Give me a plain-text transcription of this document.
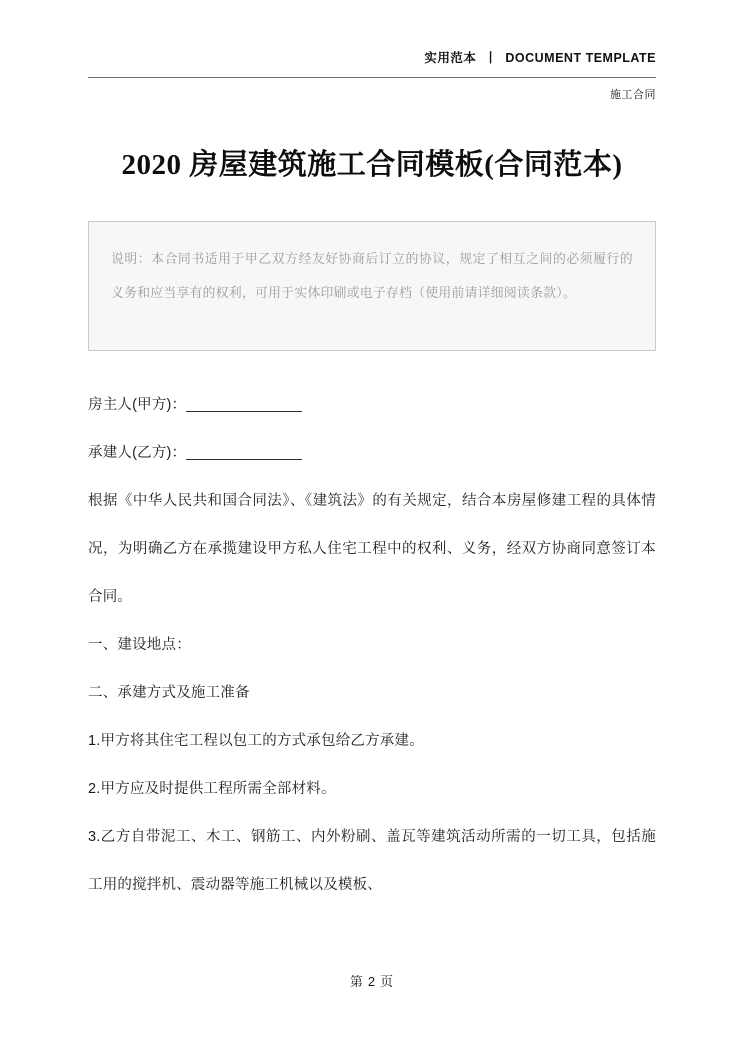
实用范本 丨 DOCUMENT TEMPLATE
施工合同
2020 房屋建筑施工合同模板(合同范本)
说明：本合同书适用于甲乙双方经友好协商后订立的协议，规定了相互之间的必须履行的义务和应当享有的权利，可用于实体印刷或电子存档（使用前请详细阅读条款）。
房主人(甲方)：______________
承建人(乙方)：______________
根据《中华人民共和国合同法》、《建筑法》的有关规定，结合本房屋修建工程的具体情况，为明确乙方在承揽建设甲方私人住宅工程中的权利、义务，经双方协商同意签订本合同。
一、建设地点：
二、承建方式及施工准备
1.甲方将其住宅工程以包工的方式承包给乙方承建。
2.甲方应及时提供工程所需全部材料。
3.乙方自带泥工、木工、钢筋工、内外粉刷、盖瓦等建筑活动所需的一切工具，包括施工用的搅拌机、震动器等施工机械以及模板、
第 2 页
